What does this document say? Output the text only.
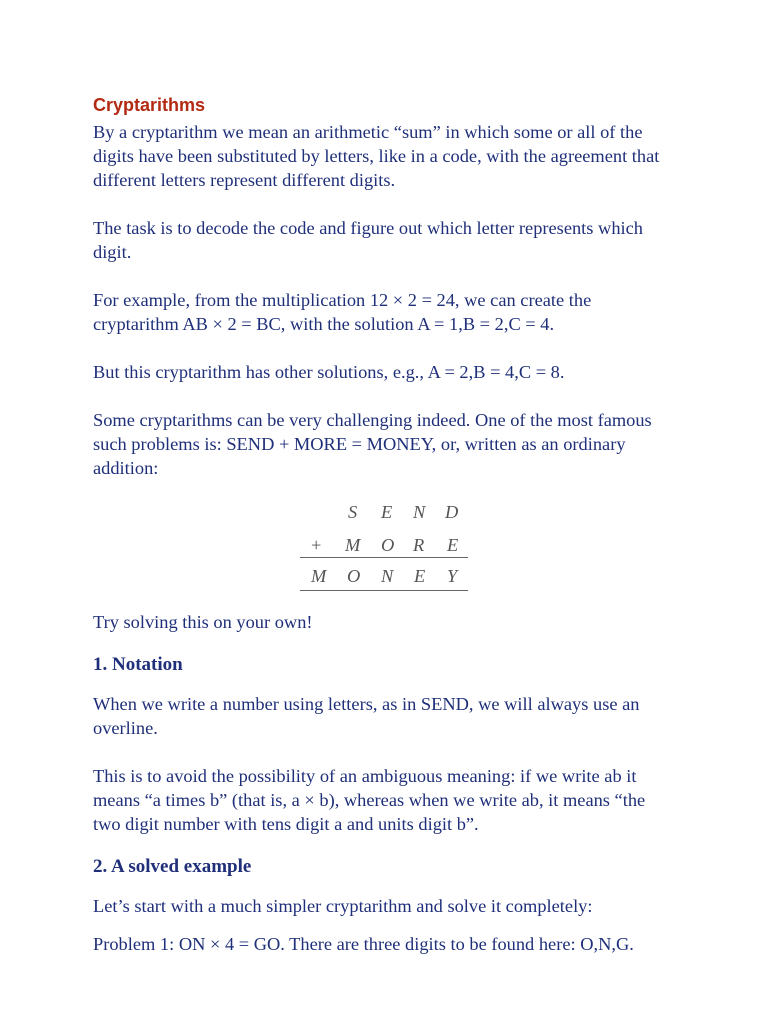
Cryptarithms

By a cryptarithm we mean an arithmetic “sum” in which some or all of the digits have been substituted by letters, like in a code, with the agreement that different letters represent different digits.

The task is to decode the code and figure out which letter represents which digit.

For example, from the multiplication 12 × 2 = 24, we can create the cryptarithm AB × 2 = BC, with the solution A = 1,B = 2,C = 4.

But this cryptarithm has other solutions, e.g., A = 2,B = 4,C = 8.

Some cryptarithms can be very challenging indeed. One of the most famous such problems is: SEND + MORE = MONEY, or, written as an ordinary addition:

S E N D
+ M O R E
M O N E Y

Try solving this on your own!

1. Notation

When we write a number using letters, as in SEND, we will always use an overline.

This is to avoid the possibility of an ambiguous meaning: if we write ab it means “a times b” (that is, a × b), whereas when we write ab, it means “the two digit number with tens digit a and units digit b”.

2. A solved example

Let’s start with a much simpler cryptarithm and solve it completely:

Problem 1: ON × 4 = GO. There are three digits to be found here: O,N,G.
